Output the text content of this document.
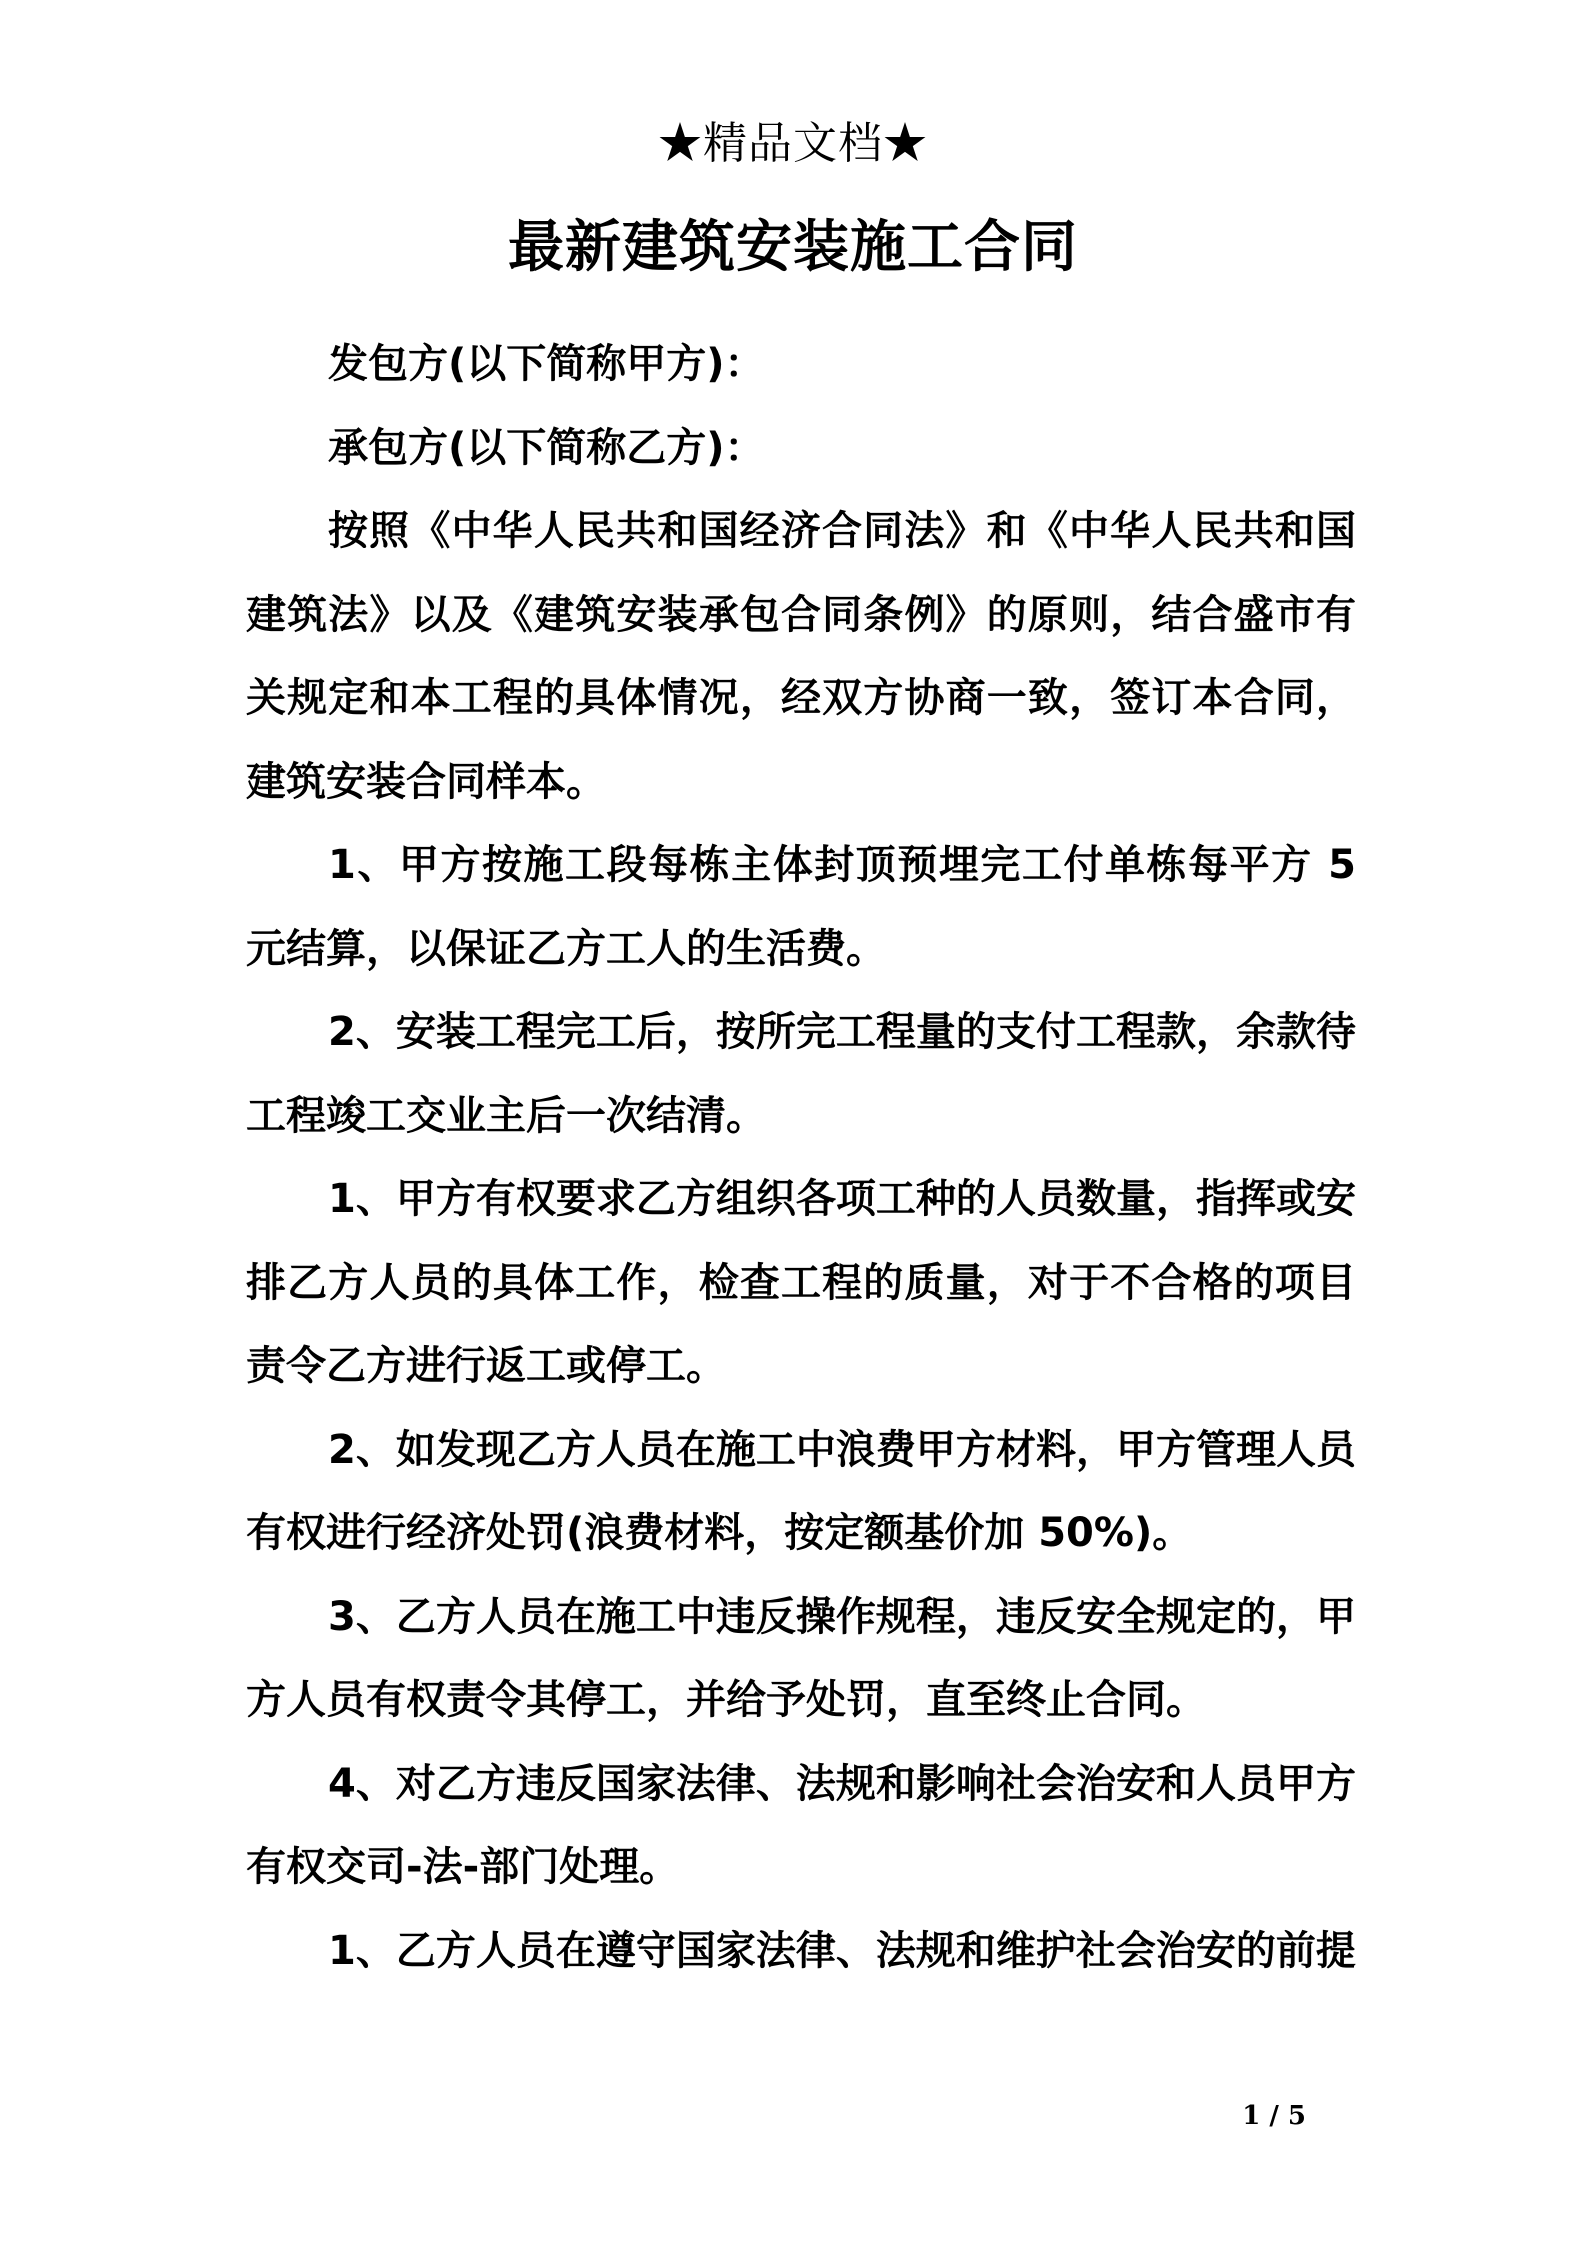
★精品文档★
最新建筑安装施工合同

发包方(以下简称甲方)：

承包方(以下简称乙方)：

按照《中华人民共和国经济合同法》和《中华人民共和国建筑法》以及《建筑安装承包合同条例》的原则，结合盛市有关规定和本工程的具体情况，经双方协商一致，签订本合同，建筑安装合同样本。

1、甲方按施工段每栋主体封顶预埋完工付单栋每平方 5 元结算，以保证乙方工人的生活费。

2、安装工程完工后，按所完工程量的支付工程款，余款待工程竣工交业主后一次结清。

1、甲方有权要求乙方组织各项工种的人员数量，指挥或安排乙方人员的具体工作，检查工程的质量，对于不合格的项目责令乙方进行返工或停工。

2、如发现乙方人员在施工中浪费甲方材料，甲方管理人员有权进行经济处罚(浪费材料，按定额基价加 50%)。

3、乙方人员在施工中违反操作规程，违反安全规定的，甲方人员有权责令其停工，并给予处罚，直至终止合同。

4、对乙方违反国家法律、法规和影响社会治安和人员甲方有权交司-法-部门处理。

1、乙方人员在遵守国家法律、法规和维护社会治安的前提

1 / 5
